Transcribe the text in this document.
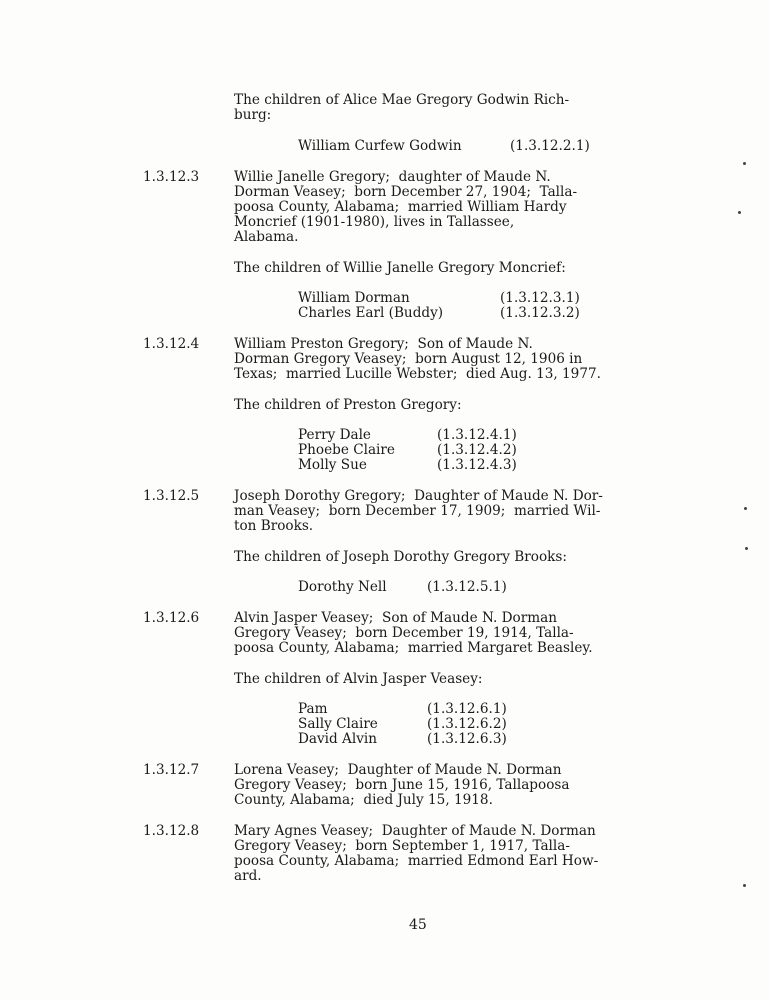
The children of Alice Mae Gregory Godwin Rich-
burg:
William Curfew Godwin	(1.3.12.2.1)
1.3.12.3	Willie Janelle Gregory;  daughter of Maude N.
Dorman Veasey;  born December 27, 1904;  Talla-
poosa County, Alabama;  married William Hardy
Moncrief (1901-1980), lives in Tallassee,
Alabama.
The children of Willie Janelle Gregory Moncrief:
William Dorman	(1.3.12.3.1)
Charles Earl (Buddy)	(1.3.12.3.2)
1.3.12.4	William Preston Gregory;  Son of Maude N.
Dorman Gregory Veasey;  born August 12, 1906 in
Texas;  married Lucille Webster;  died Aug. 13, 1977.
The children of Preston Gregory:
Perry Dale	(1.3.12.4.1)
Phoebe Claire	(1.3.12.4.2)
Molly Sue	(1.3.12.4.3)
1.3.12.5	Joseph Dorothy Gregory;  Daughter of Maude N. Dor-
man Veasey;  born December 17, 1909;  married Wil-
ton Brooks.
The children of Joseph Dorothy Gregory Brooks:
Dorothy Nell	(1.3.12.5.1)
1.3.12.6	Alvin Jasper Veasey;  Son of Maude N. Dorman
Gregory Veasey;  born December 19, 1914, Talla-
poosa County, Alabama;  married Margaret Beasley.
The children of Alvin Jasper Veasey:
Pam	(1.3.12.6.1)
Sally Claire	(1.3.12.6.2)
David Alvin	(1.3.12.6.3)
1.3.12.7	Lorena Veasey;  Daughter of Maude N. Dorman
Gregory Veasey;  born June 15, 1916, Tallapoosa
County, Alabama;  died July 15, 1918.
1.3.12.8	Mary Agnes Veasey;  Daughter of Maude N. Dorman
Gregory Veasey;  born September 1, 1917, Talla-
poosa County, Alabama;  married Edmond Earl How-
ard.
45
